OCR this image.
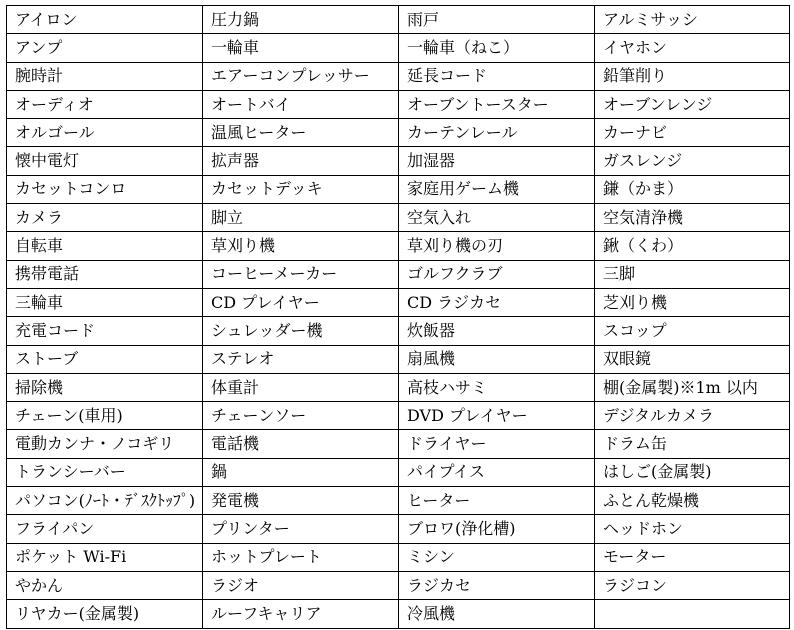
アイロン	圧力鍋	雨戸	アルミサッシ
アンプ	一輪車	一輪車（ねこ）	イヤホン
腕時計	エアーコンプレッサー	延長コード	鉛筆削り
オーディオ	オートバイ	オーブントースター	オーブンレンジ
オルゴール	温風ヒーター	カーテンレール	カーナビ
懐中電灯	拡声器	加湿器	ガスレンジ
カセットコンロ	カセットデッキ	家庭用ゲーム機	鎌（かま）
カメラ	脚立	空気入れ	空気清浄機
自転車	草刈り機	草刈り機の刃	鍬（くわ）
携帯電話	コーヒーメーカー	ゴルフクラブ	三脚
三輪車	CD プレイヤー	CD ラジカセ	芝刈り機
充電コード	シュレッダー機	炊飯器	スコップ
ストーブ	ステレオ	扇風機	双眼鏡
掃除機	体重計	高枝ハサミ	棚(金属製)※1m 以内
チェーン(車用)	チェーンソー	DVD プレイヤー	デジタルカメラ
電動カンナ・ノコギリ	電話機	ドライヤー	ドラム缶
トランシーバー	鍋	パイプイス	はしご(金属製)
パソコン(ﾉｰﾄ・ﾃﾞｽｸﾄｯﾌﾟ)	発電機	ヒーター	ふとん乾燥機
フライパン	プリンター	ブロワ(浄化槽)	ヘッドホン
ポケット Wi-Fi	ホットプレート	ミシン	モーター
やかん	ラジオ	ラジカセ	ラジコン
リヤカー(金属製)	ルーフキャリア	冷風機	
